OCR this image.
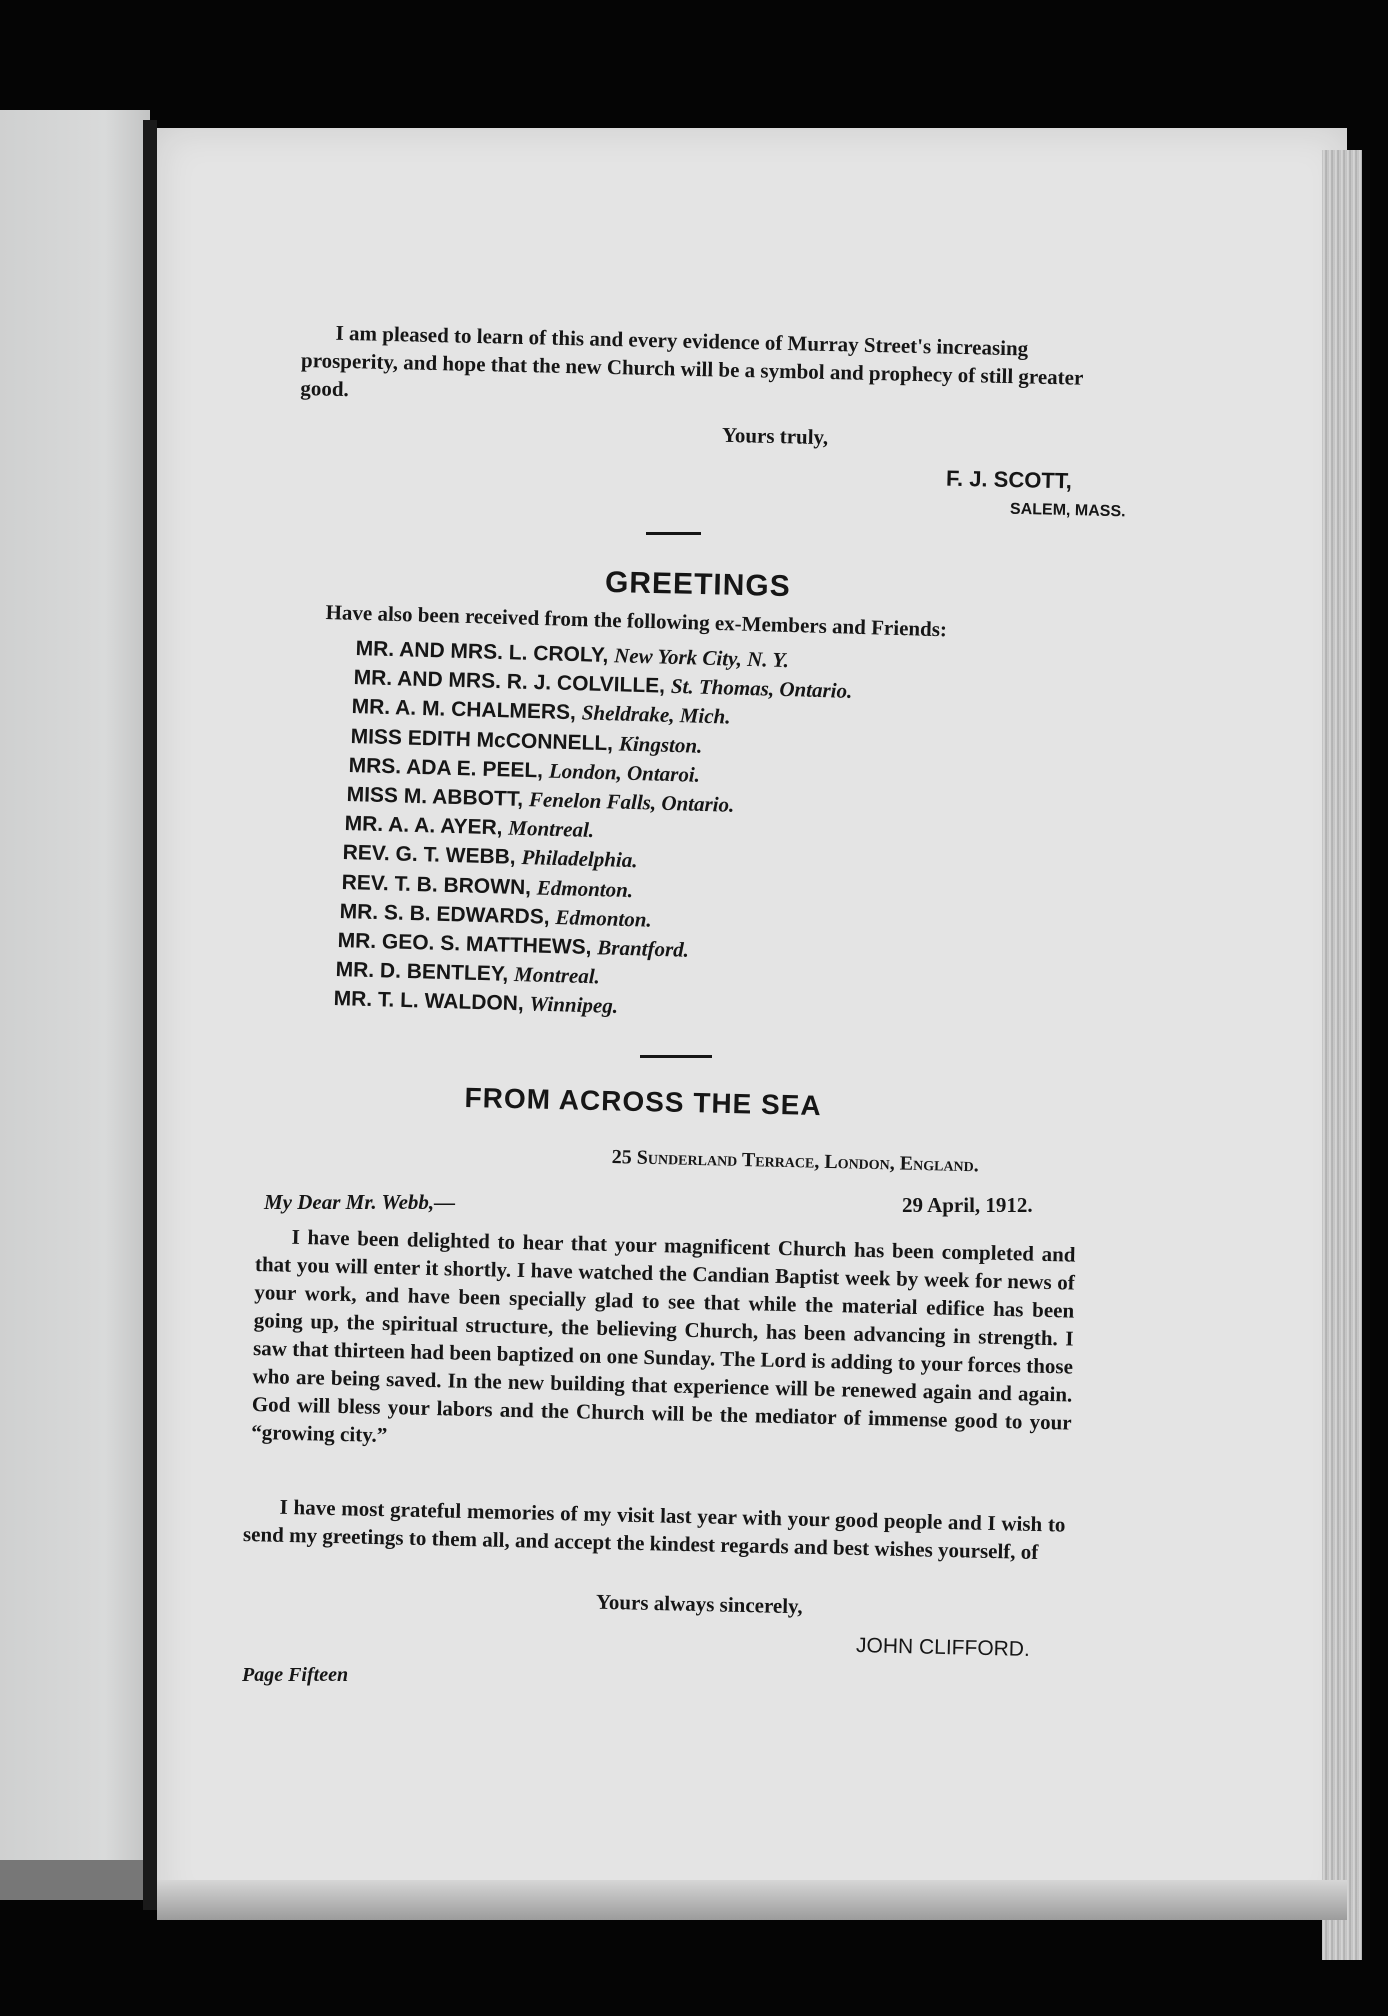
I am pleased to learn of this and every evidence of Murray Street's increasing prosperity, and hope that the new Church will be a symbol and prophecy of still greater good.
Yours truly,
F. J. SCOTT,
SALEM, MASS.
GREETINGS
Have also been received from the following ex-Members and Friends:
MR. AND MRS. L. CROLY, New York City, N. Y.
MR. AND MRS. R. J. COLVILLE, St. Thomas, Ontario.
MR. A. M. CHALMERS, Sheldrake, Mich.
MISS EDITH McCONNELL, Kingston.
MRS. ADA E. PEEL, London, Ontaroi.
MISS M. ABBOTT, Fenelon Falls, Ontario.
MR. A. A. AYER, Montreal.
REV. G. T. WEBB, Philadelphia.
REV. T. B. BROWN, Edmonton.
MR. S. B. EDWARDS, Edmonton.
MR. GEO. S. MATTHEWS, Brantford.
MR. D. BENTLEY, Montreal.
MR. T. L. WALDON, Winnipeg.
FROM ACROSS THE SEA
25 Sunderland Terrace, London, England.
My Dear Mr. Webb,—	29 April, 1912.
I have been delighted to hear that your magnificent Church has been completed and that you will enter it shortly. I have watched the Candian Baptist week by week for news of your work, and have been specially glad to see that while the material edifice has been going up, the spiritual structure, the believing Church, has been advancing in strength. I saw that thirteen had been baptized on one Sunday. The Lord is adding to your forces those who are being saved. In the new building that experience will be renewed again and again. God will bless your labors and the Church will be the mediator of immense good to your “growing city.”
I have most grateful memories of my visit last year with your good people and I wish to send my greetings to them all, and accept the kindest regards and best wishes yourself, of
Yours always sincerely,
JOHN CLIFFORD.
Page Fifteen
